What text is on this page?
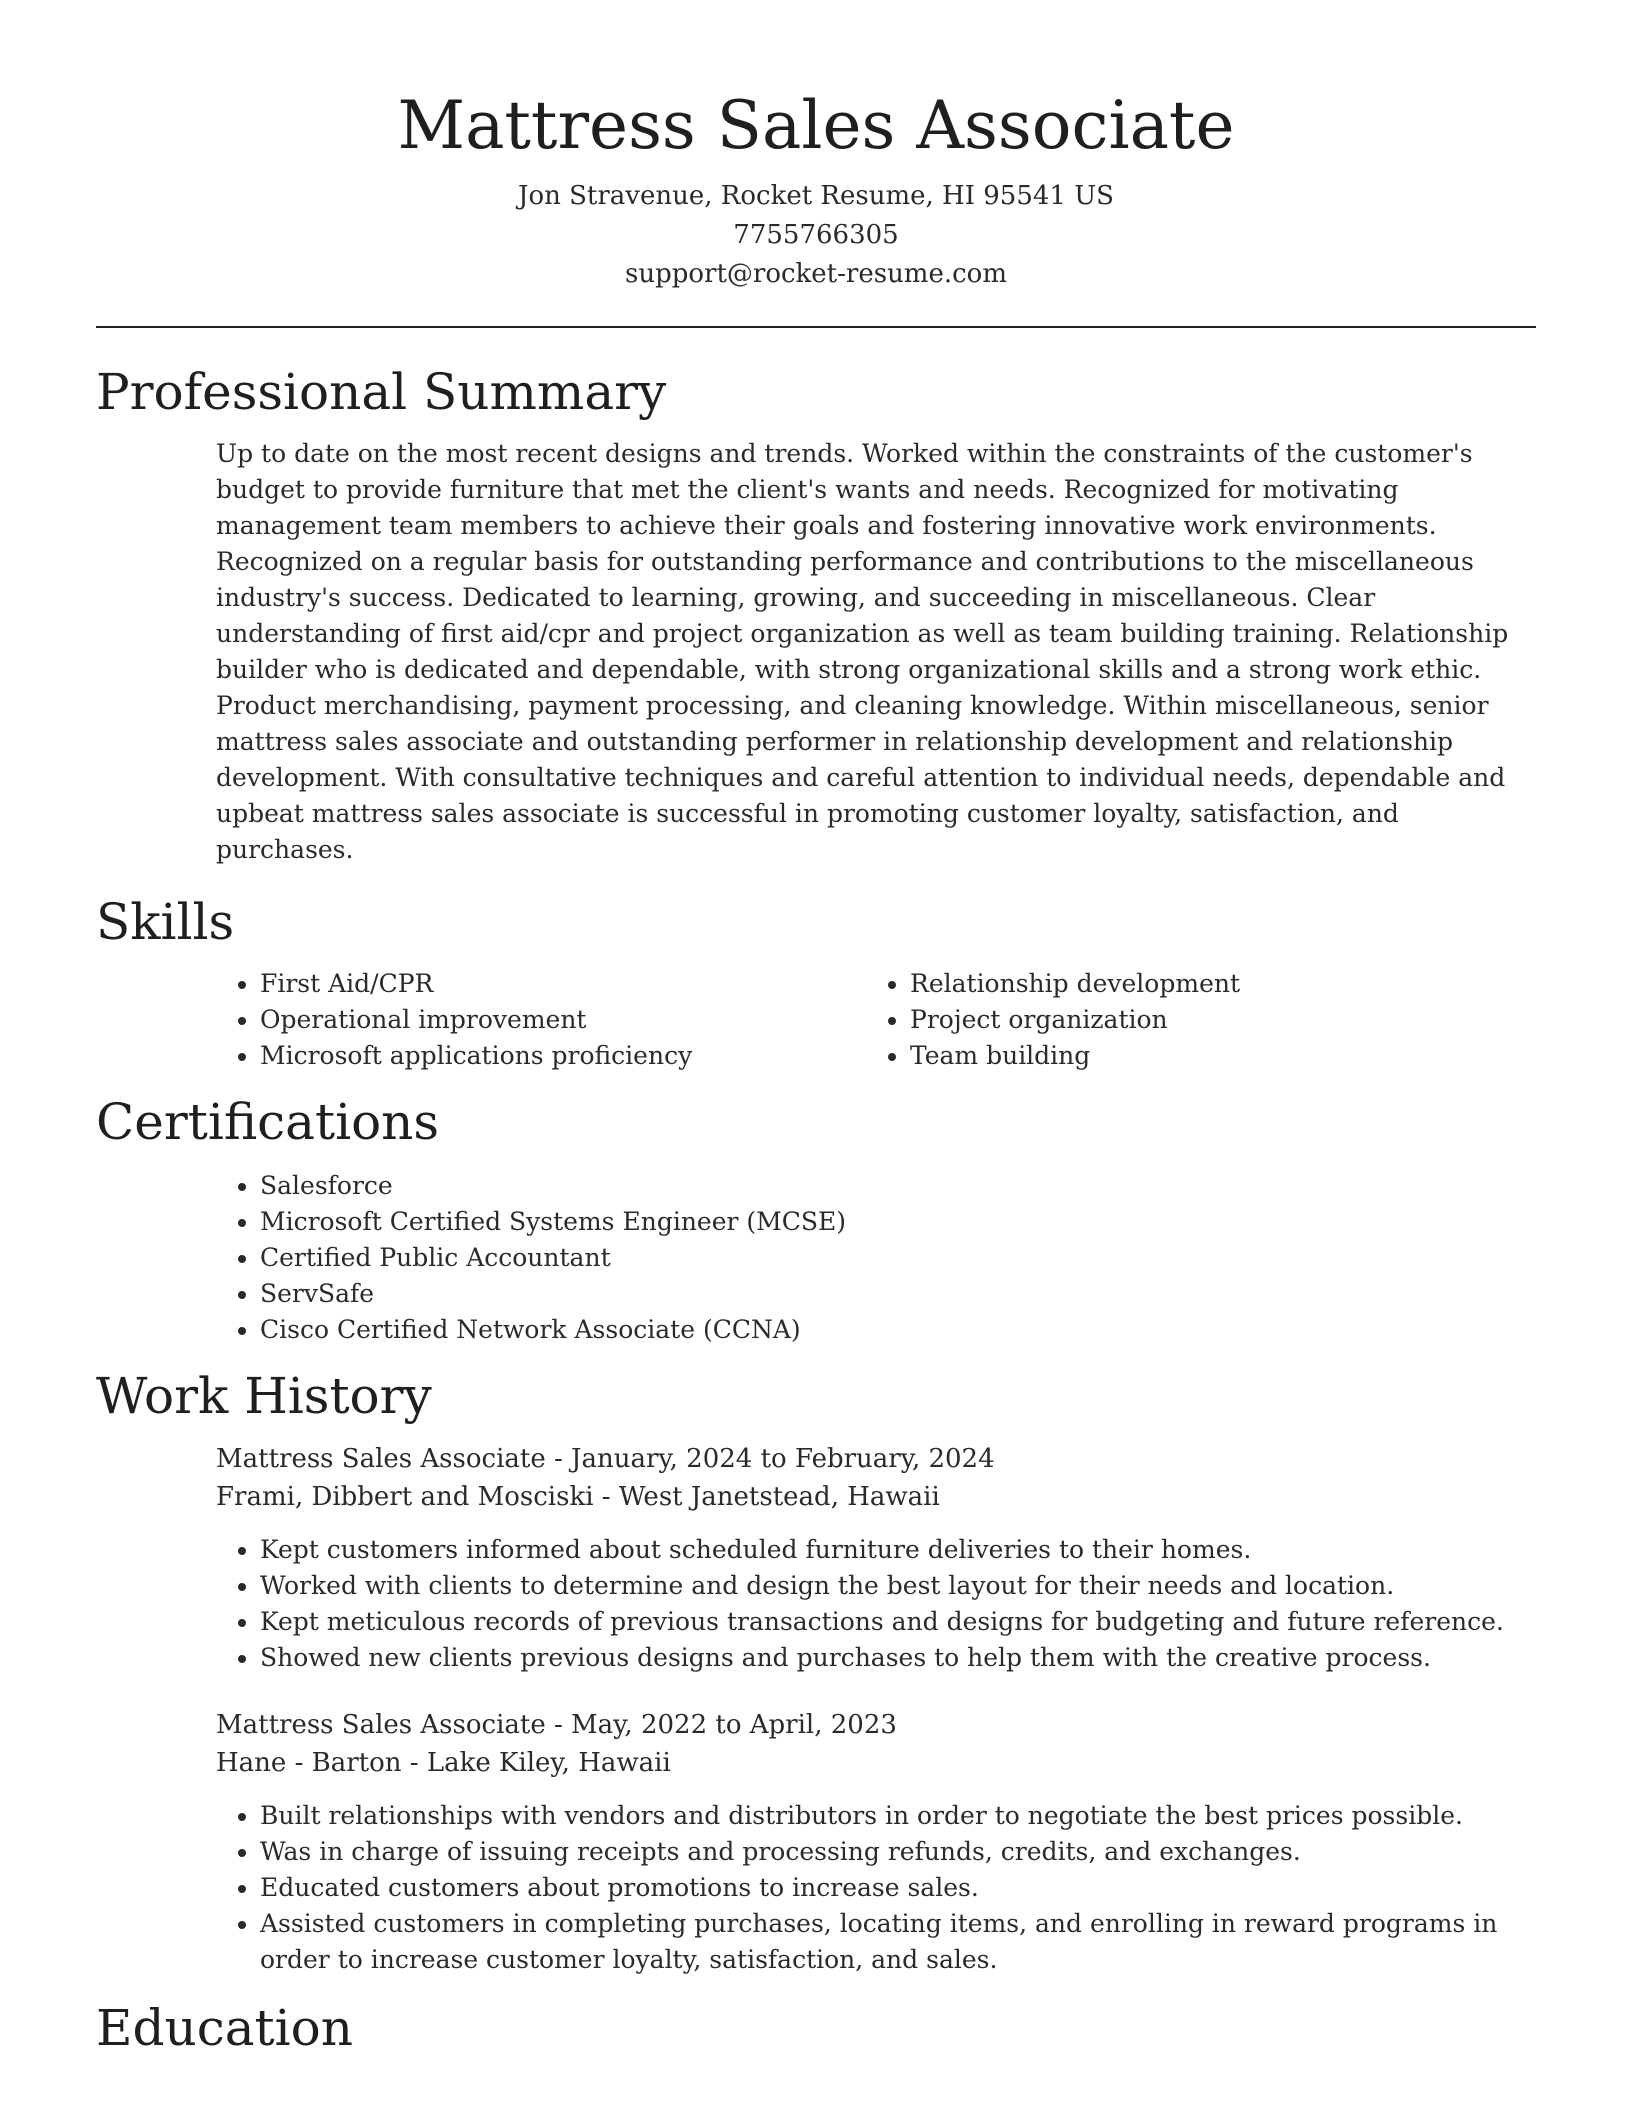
Mattress Sales Associate
Jon Stravenue, Rocket Resume, HI 95541 US
7755766305
support@rocket-resume.com
Professional Summary

Up to date on the most recent designs and trends. Worked within the constraints of the customer's budget to provide furniture that met the client's wants and needs. Recognized for motivating management team members to achieve their goals and fostering innovative work environments. Recognized on a regular basis for outstanding performance and contributions to the miscellaneous industry's success. Dedicated to learning, growing, and succeeding in miscellaneous. Clear understanding of first aid/cpr and project organization as well as team building training. Relationship builder who is dedicated and dependable, with strong organizational skills and a strong work ethic. Product merchandising, payment processing, and cleaning knowledge. Within miscellaneous, senior mattress sales associate and outstanding performer in relationship development and relationship development. With consultative techniques and careful attention to individual needs, dependable and upbeat mattress sales associate is successful in promoting customer loyalty, satisfaction, and purchases.

Skills
• First Aid/CPR
• Operational improvement
• Microsoft applications proficiency
• Relationship development
• Project organization
• Team building
Certifications
• Salesforce
• Microsoft Certified Systems Engineer (MCSE)
• Certified Public Accountant
• ServSafe
• Cisco Certified Network Associate (CCNA)
Work History
Mattress Sales Associate - January, 2024 to February, 2024
Frami, Dibbert and Mosciski - West Janetstead, Hawaii
• Kept customers informed about scheduled furniture deliveries to their homes.
• Worked with clients to determine and design the best layout for their needs and location.
• Kept meticulous records of previous transactions and designs for budgeting and future reference.
• Showed new clients previous designs and purchases to help them with the creative process.
Mattress Sales Associate - May, 2022 to April, 2023
Hane - Barton - Lake Kiley, Hawaii
• Built relationships with vendors and distributors in order to negotiate the best prices possible.
• Was in charge of issuing receipts and processing refunds, credits, and exchanges.
• Educated customers about promotions to increase sales.
• Assisted customers in completing purchases, locating items, and enrolling in reward programs in order to increase customer loyalty, satisfaction, and sales.
Education
